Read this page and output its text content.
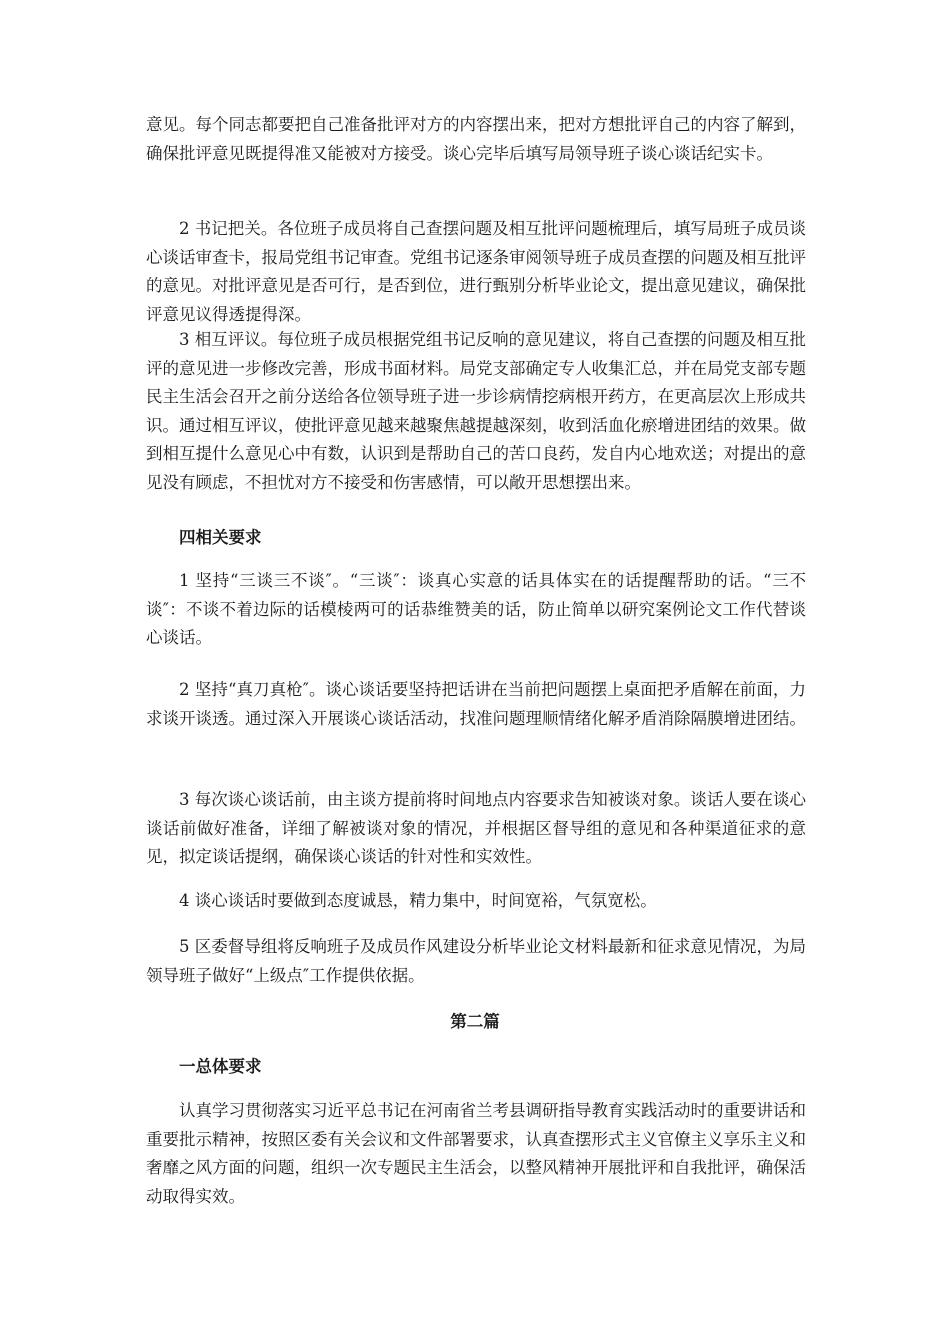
意见。每个同志都要把自己准备批评对方的内容摆出来，把对方想批评自己的内容了解到，确保批评意见既提得准又能被对方接受。谈心完毕后填写局领导班子谈心谈话纪实卡。

2 书记把关。各位班子成员将自己查摆问题及相互批评问题梳理后，填写局班子成员谈心谈话审查卡，报局党组书记审查。党组书记逐条审阅领导班子成员查摆的问题及相互批评的意见。对批评意见是否可行，是否到位，进行甄别分析毕业论文，提出意见建议，确保批评意见议得透提得深。

3 相互评议。每位班子成员根据党组书记反响的意见建议，将自己查摆的问题及相互批评的意见进一步修改完善，形成书面材料。局党支部确定专人收集汇总，并在局党支部专题民主生活会召开之前分送给各位领导班子进一步诊病情挖病根开药方，在更高层次上形成共识。通过相互评议，使批评意见越来越聚焦越提越深刻，收到活血化瘀增进团结的效果。做到相互提什么意见心中有数，认识到是帮助自己的苦口良药，发自内心地欢送；对提出的意见没有顾虑，不担忧对方不接受和伤害感情，可以敞开思想摆出来。

四相关要求

1 坚持“三谈三不谈″。“三谈″：谈真心实意的话具体实在的话提醒帮助的话。“三不谈″：不谈不着边际的话模棱两可的话恭维赞美的话，防止简单以研究案例论文工作代替谈心谈话。

2 坚持“真刀真枪″。谈心谈话要坚持把话讲在当前把问题摆上桌面把矛盾解在前面，力求谈开谈透。通过深入开展谈心谈话活动，找准问题理顺情绪化解矛盾消除隔膜增进团结。

3 每次谈心谈话前，由主谈方提前将时间地点内容要求告知被谈对象。谈话人要在谈心谈话前做好准备，详细了解被谈对象的情况，并根据区督导组的意见和各种渠道征求的意见，拟定谈话提纲，确保谈心谈话的针对性和实效性。

4 谈心谈话时要做到态度诚恳，精力集中，时间宽裕，气氛宽松。

5 区委督导组将反响班子及成员作风建设分析毕业论文材料最新和征求意见情况，为局领导班子做好“上级点″工作提供依据。

第二篇
一总体要求

认真学习贯彻落实习近平总书记在河南省兰考县调研指导教育实践活动时的重要讲话和重要批示精神，按照区委有关会议和文件部署要求，认真查摆形式主义官僚主义享乐主义和奢靡之风方面的问题，组织一次专题民主生活会，以整风精神开展批评和自我批评，确保活动取得实效。
